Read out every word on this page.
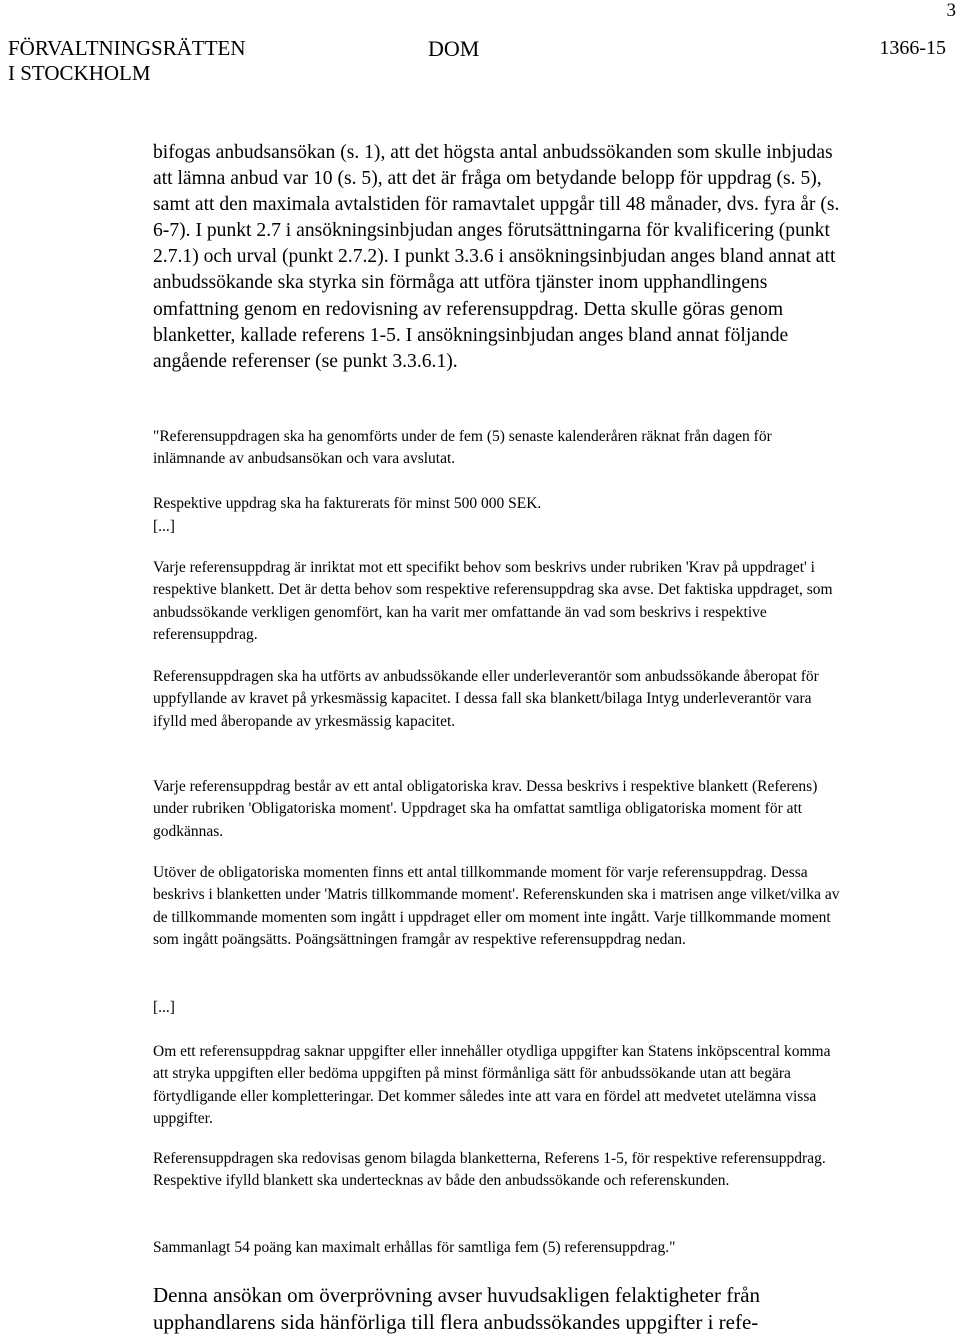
3
FÖRVALTNINGSRÄTTEN
I STOCKHOLM
DOM	1366-15

bifogas anbudsansökan (s. 1), att det högsta antal anbudssökanden som skulle inbjudas att lämna anbud var 10 (s. 5), att det är fråga om betydande belopp för uppdrag (s. 5), samt att den maximala avtalstiden för ramavtalet uppgår till 48 månader, dvs. fyra år (s. 6-7). I punkt 2.7 i ansökningsinbjudan anges förutsättningarna för kvalificering (punkt 2.7.1) och urval (punkt 2.7.2). I punkt 3.3.6 i ansökningsinbjudan anges bland annat att anbudssökande ska styrka sin förmåga att utföra tjänster inom upphandlingens omfattning genom en redovisning av referensuppdrag. Detta skulle göras genom blanketter, kallade referens 1-5. I ansökningsinbjudan anges bland annat följande angående referenser (se punkt 3.3.6.1).

"Referensuppdragen ska ha genomförts under de fem (5) senaste kalenderåren räknat från dagen för inlämnande av anbudsansökan och vara avslutat.

Respektive uppdrag ska ha fakturerats för minst 500 000 SEK.

[...]

Varje referensuppdrag är inriktat mot ett specifikt behov som beskrivs under rubriken 'Krav på uppdraget' i respektive blankett. Det är detta behov som respektive referensuppdrag ska avse. Det faktiska uppdraget, som anbudssökande verkligen genomfört, kan ha varit mer omfattande än vad som beskrivs i respektive referensuppdrag.

Referensuppdragen ska ha utförts av anbudssökande eller underleverantör som anbudssökande åberopat för uppfyllande av kravet på yrkesmässig kapacitet. I dessa fall ska blankett/bilaga Intyg underleverantör vara ifylld med åberopande av yrkesmässig kapacitet.

Varje referensuppdrag består av ett antal obligatoriska krav. Dessa beskrivs i respektive blankett (Referens) under rubriken 'Obligatoriska moment'. Uppdraget ska ha omfattat samtliga obligatoriska moment för att godkännas.

Utöver de obligatoriska momenten finns ett antal tillkommande moment för varje referensuppdrag. Dessa beskrivs i blanketten under 'Matris tillkommande moment'. Referenskunden ska i matrisen ange vilket/vilka av de tillkommande momenten som ingått i uppdraget eller om moment inte ingått. Varje tillkommande moment som ingått poängsätts. Poängsättningen framgår av respektive referensuppdrag nedan.

[...]

Om ett referensuppdrag saknar uppgifter eller innehåller otydliga uppgifter kan Statens inköpscentral komma att stryka uppgiften eller bedöma uppgiften på minst förmånliga sätt för anbudssökande utan att begära förtydligande eller kompletteringar. Det kommer således inte att vara en fördel att medvetet utelämna vissa uppgifter.

Referensuppdragen ska redovisas genom bilagda blanketterna, Referens 1-5, för respektive referensuppdrag. Respektive ifylld blankett ska undertecknas av både den anbudssökande och referenskunden.

Sammanlagt 54 poäng kan maximalt erhållas för samtliga fem (5) referensuppdrag."

Denna ansökan om överprövning avser huvudsakligen felaktigheter från upphandlarens sida hänförliga till flera anbudssökandes uppgifter i refe-
